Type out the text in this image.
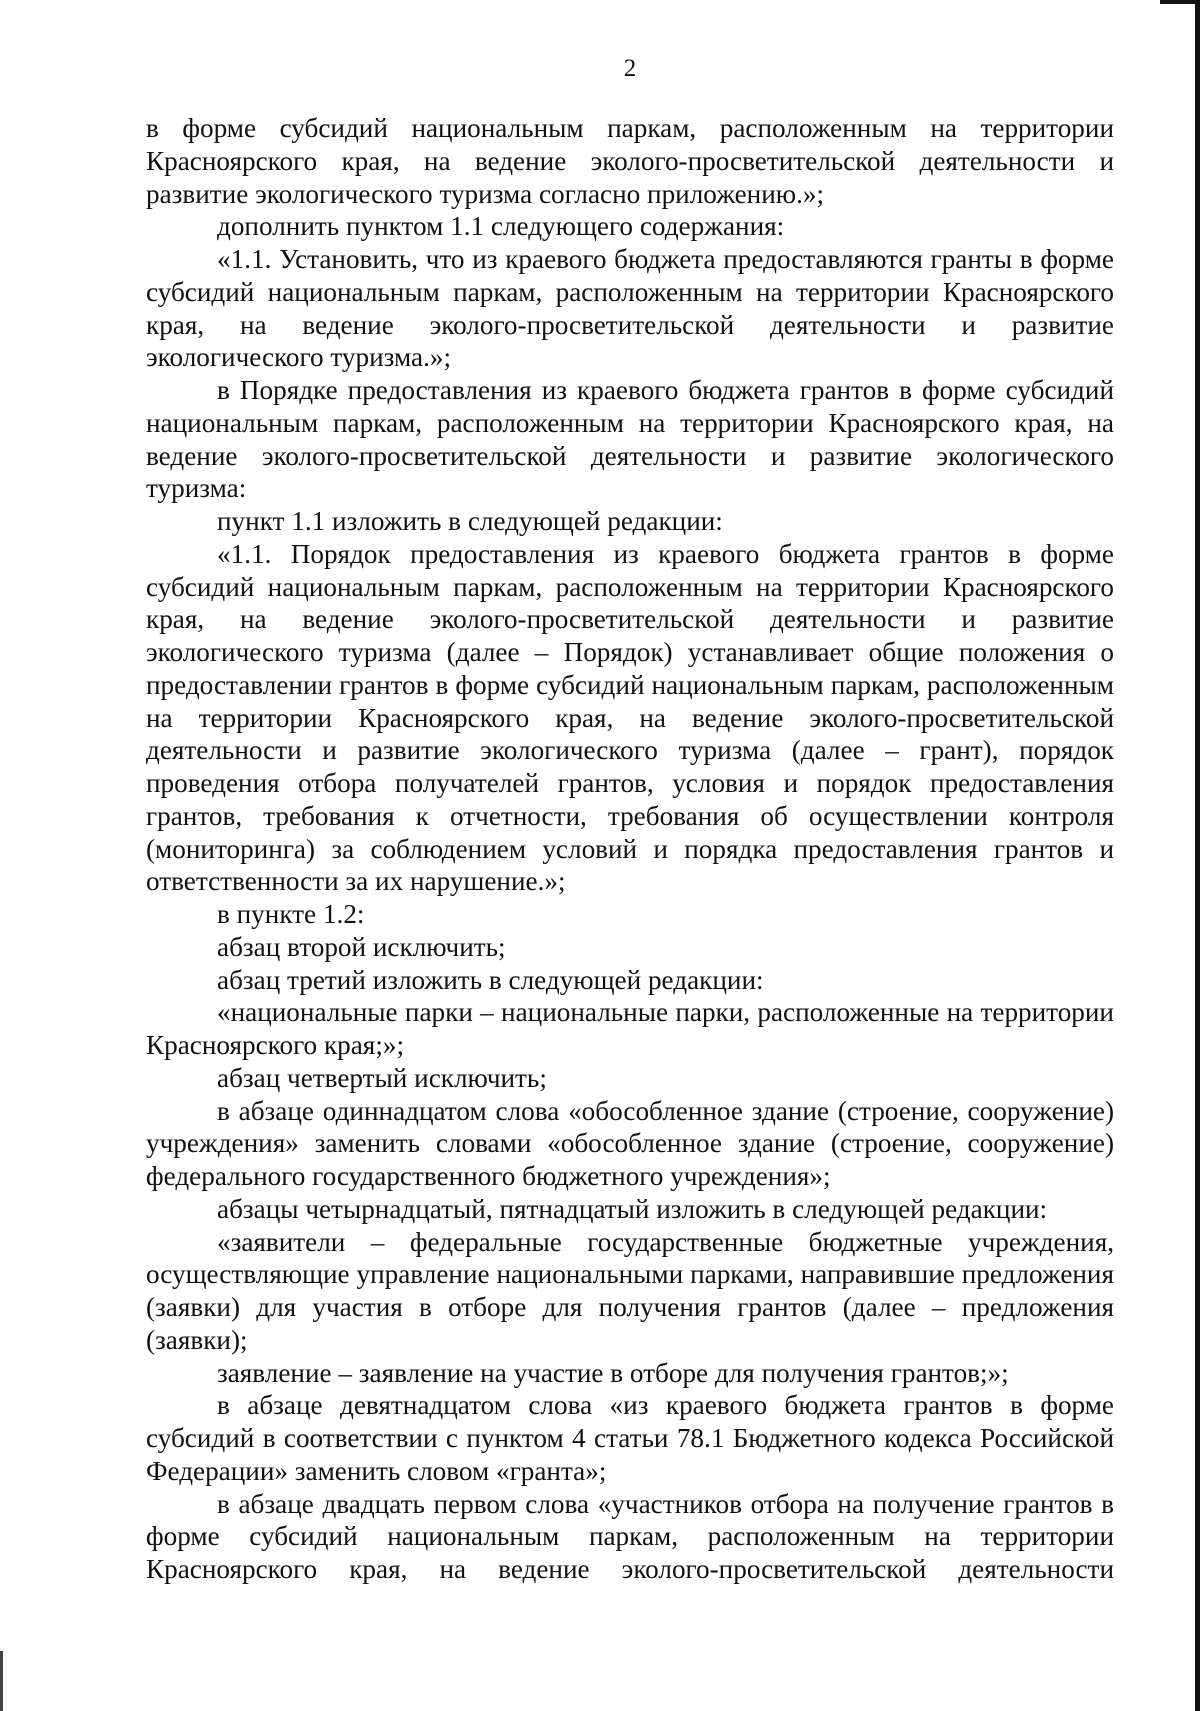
2

в форме субсидий национальным паркам, расположенным на территории Красноярского края, на ведение эколого-просветительской деятельности и развитие экологического туризма согласно приложению.»;

дополнить пунктом 1.1 следующего содержания:

«1.1. Установить, что из краевого бюджета предоставляются гранты в форме субсидий национальным паркам, расположенным на территории Красноярского края, на ведение эколого-просветительской деятельности и развитие экологического туризма.»;

в Порядке предоставления из краевого бюджета грантов в форме субсидий национальным паркам, расположенным на территории Красноярского края, на ведение эколого-просветительской деятельности и развитие экологического туризма:

пункт 1.1 изложить в следующей редакции:

«1.1. Порядок предоставления из краевого бюджета грантов в форме субсидий национальным паркам, расположенным на территории Красноярского края, на ведение эколого-просветительской деятельности и развитие экологического туризма (далее – Порядок) устанавливает общие положения о предоставлении грантов в форме субсидий национальным паркам, расположенным на территории Красноярского края, на ведение эколого-просветительской деятельности и развитие экологического туризма (далее – грант), порядок проведения отбора получателей грантов, условия и порядок предоставления грантов, требования к отчетности, требования об осуществлении контроля (мониторинга) за соблюдением условий и порядка предоставления грантов и ответственности за их нарушение.»;

в пункте 1.2:

абзац второй исключить;

абзац третий изложить в следующей редакции:

«национальные парки – национальные парки, расположенные на территории Красноярского края;»;

абзац четвертый исключить;

в абзаце одиннадцатом слова «обособленное здание (строение, сооружение) учреждения» заменить словами «обособленное здание (строение, сооружение) федерального государственного бюджетного учреждения»;

абзацы четырнадцатый, пятнадцатый изложить в следующей редакции:

«заявители – федеральные государственные бюджетные учреждения, осуществляющие управление национальными парками, направившие предложения (заявки) для участия в отборе для получения грантов (далее – предложения (заявки);

заявление – заявление на участие в отборе для получения грантов;»;

в абзаце девятнадцатом слова «из краевого бюджета грантов в форме субсидий в соответствии с пунктом 4 статьи 78.1 Бюджетного кодекса Российской Федерации» заменить словом «гранта»;

в абзаце двадцать первом слова «участников отбора на получение грантов в форме субсидий национальным паркам, расположенным на территории Красноярского края, на ведение эколого-просветительской деятельности
